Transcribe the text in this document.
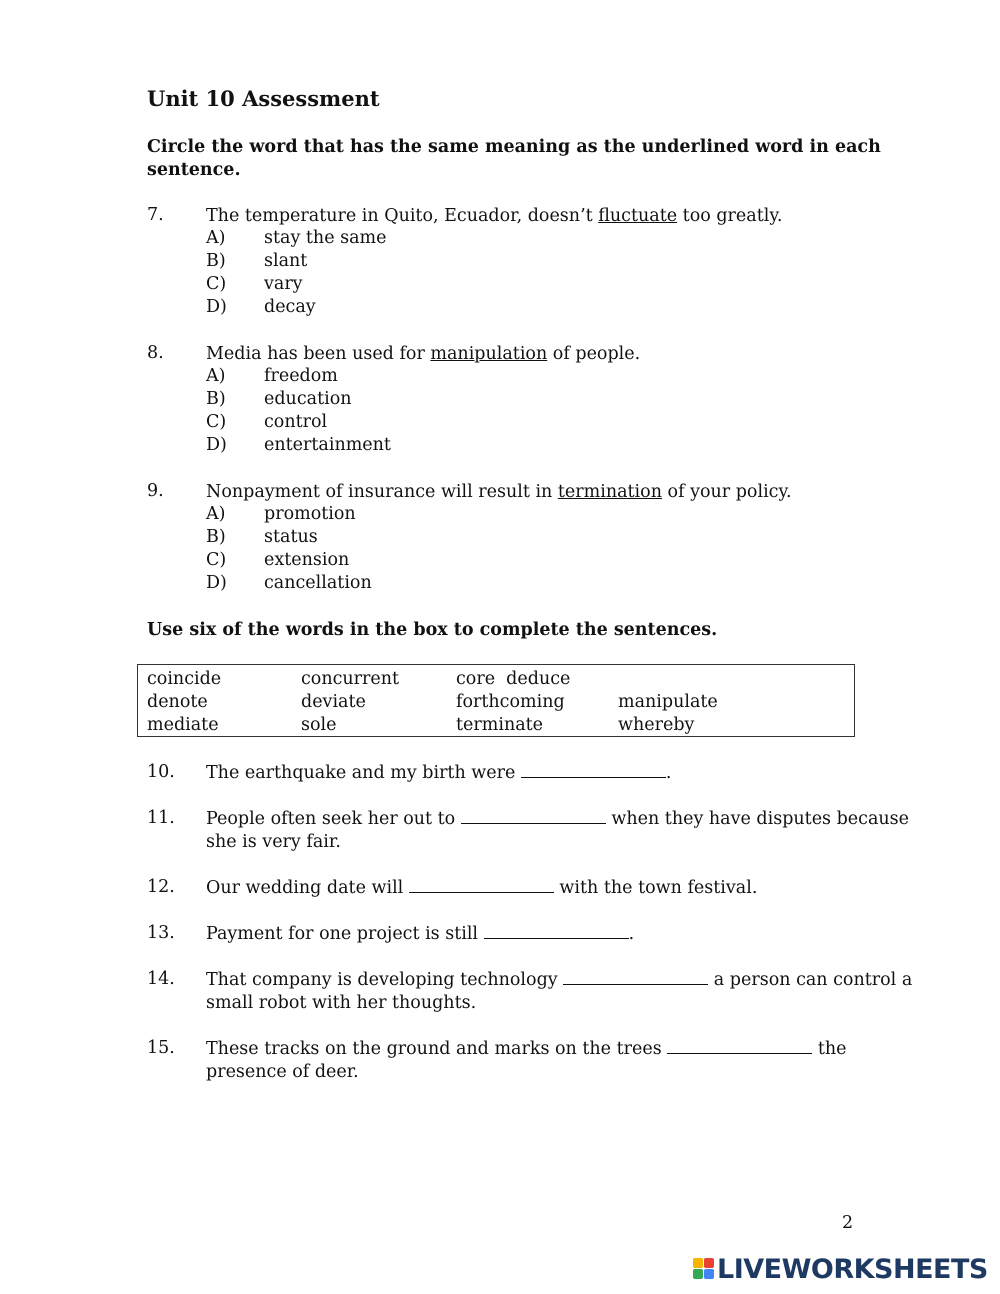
Unit 10 Assessment
Circle the word that has the same meaning as the underlined word in each
sentence.
7. The temperature in Quito, Ecuador, doesn’t fluctuate too greatly.
A) stay the same
B) slant
C) vary
D) decay
8. Media has been used for manipulation of people.
A) freedom
B) education
C) control
D) entertainment
9. Nonpayment of insurance will result in termination of your policy.
A) promotion
B) status
C) extension
D) cancellation
Use six of the words in the box to complete the sentences.
coincide	concurrent	core  deduce
denote	deviate	forthcoming	manipulate
mediate	sole	terminate	whereby
10. The earthquake and my birth were	.
11. People often seek her out to	when they have disputes because
she is very fair.
12. Our wedding date will	with the town festival.
13. Payment for one project is still	.
14. That company is developing technology	a person can control a
small robot with her thoughts.
15. These tracks on the ground and marks on the trees	the
presence of deer.
2
LIVEWORKSHEETS
